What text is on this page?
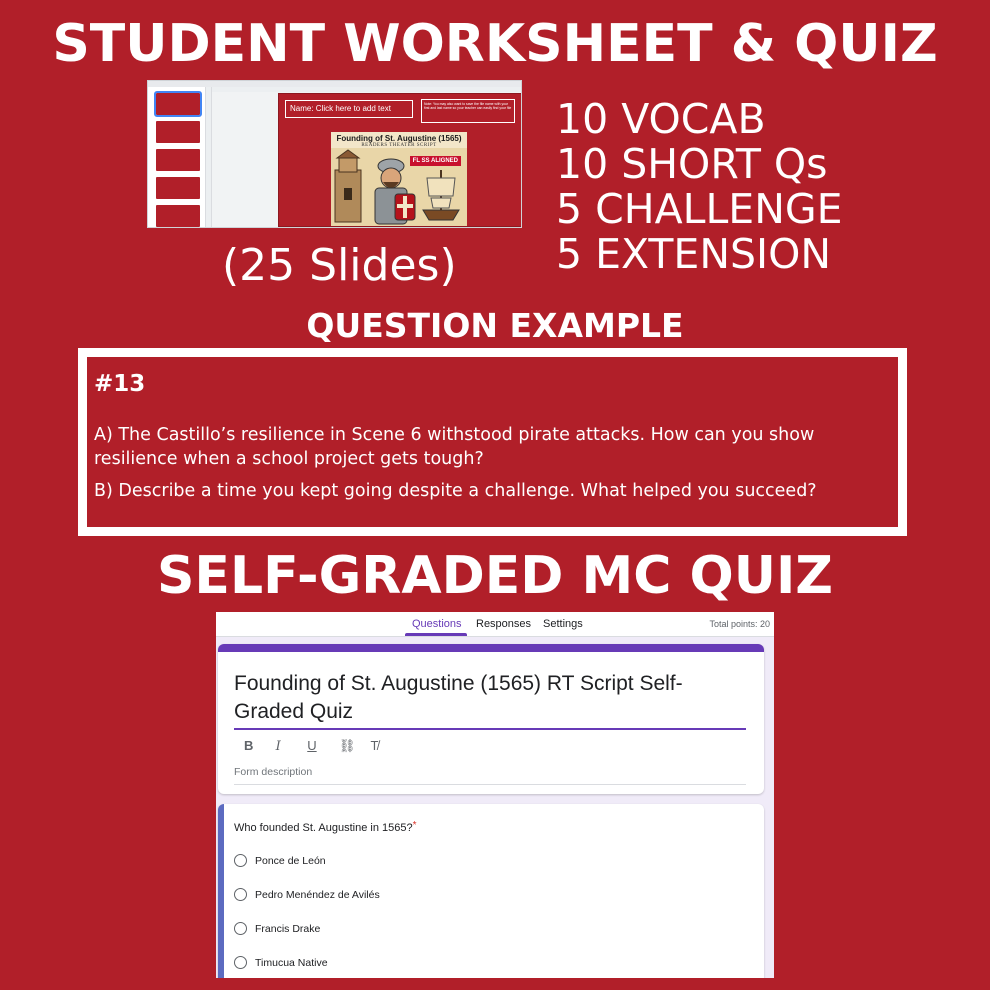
STUDENT WORKSHEET & QUIZ
Name: Click here to add text	Note: You may also want to save the file name with your first and last name so your teacher can easily find your file
Founding of St. Augustine (1565)
READERS THEATER SCRIPT
FL SS ALIGNED
(25 Slides)
10 VOCAB
10 SHORT Qs
5 CHALLENGE
5 EXTENSION
QUESTION EXAMPLE
#13
A) The Castillo’s resilience in Scene 6 withstood pirate attacks. How can you show resilience when a school project gets tough?
B) Describe a time you kept going despite a challenge. What helped you succeed?
SELF-GRADED MC QUIZ
Questions Responses Settings	Total points: 20
Founding of St. Augustine (1565) RT Script Self-Graded Quiz
B I U ⛓ T̸
Form description
Who founded St. Augustine in 1565?*
Ponce de León
Pedro Menéndez de Avilés
Francis Drake
Timucua Native
